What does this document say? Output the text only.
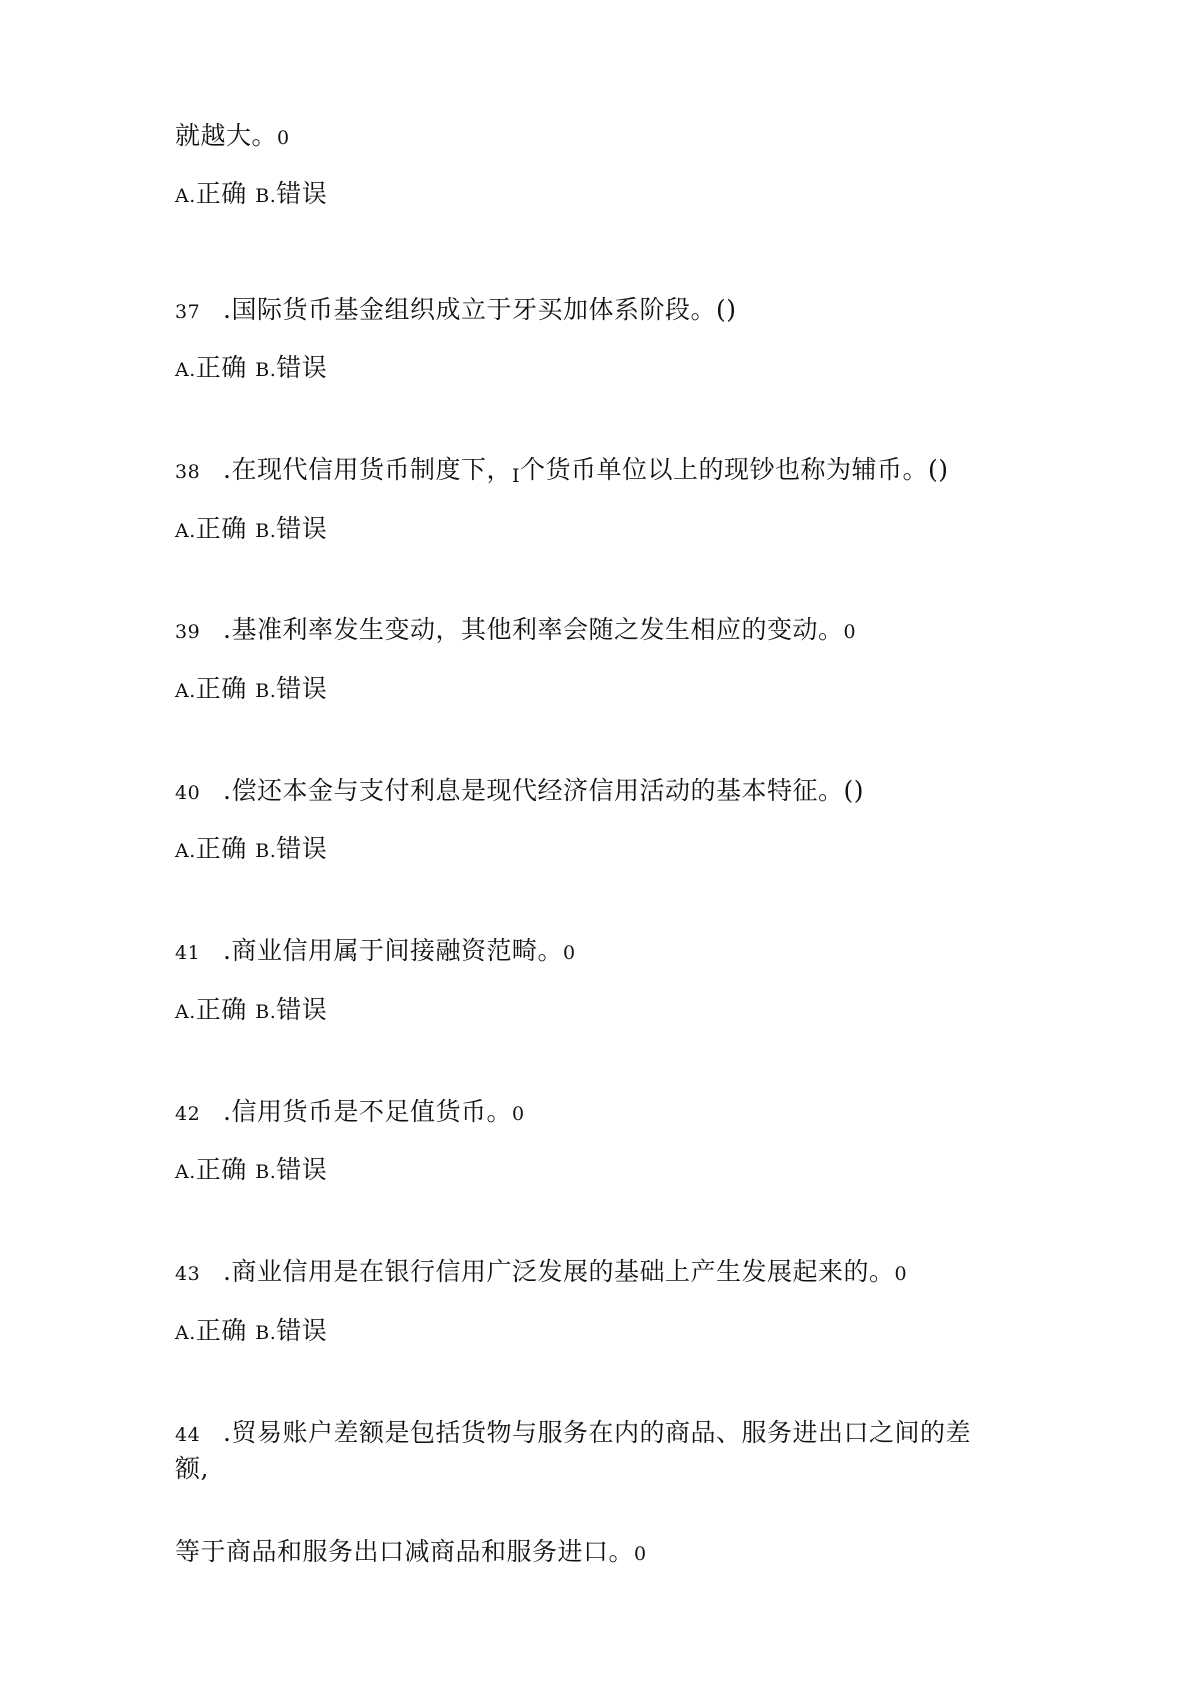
就越大。0
A.正确 B.错误
37 .国际货币基金组织成立于牙买加体系阶段。()
A.正确 B.错误
38 .在现代信用货币制度下，I个货币单位以上的现钞也称为辅币。()
A.正确 B.错误
39 .基准利率发生变动，其他利率会随之发生相应的变动。0
A.正确 B.错误
40 .偿还本金与支付利息是现代经济信用活动的基本特征。()
A.正确 B.错误
41 .商业信用属于间接融资范畸。0
A.正确 B.错误
42 .信用货币是不足值货币。0
A.正确 B.错误
43 .商业信用是在银行信用广泛发展的基础上产生发展起来的。0
A.正确 B.错误
44 .贸易账户差额是包括货物与服务在内的商品、服务进出口之间的差
额,
等于商品和服务出口减商品和服务进口。0
